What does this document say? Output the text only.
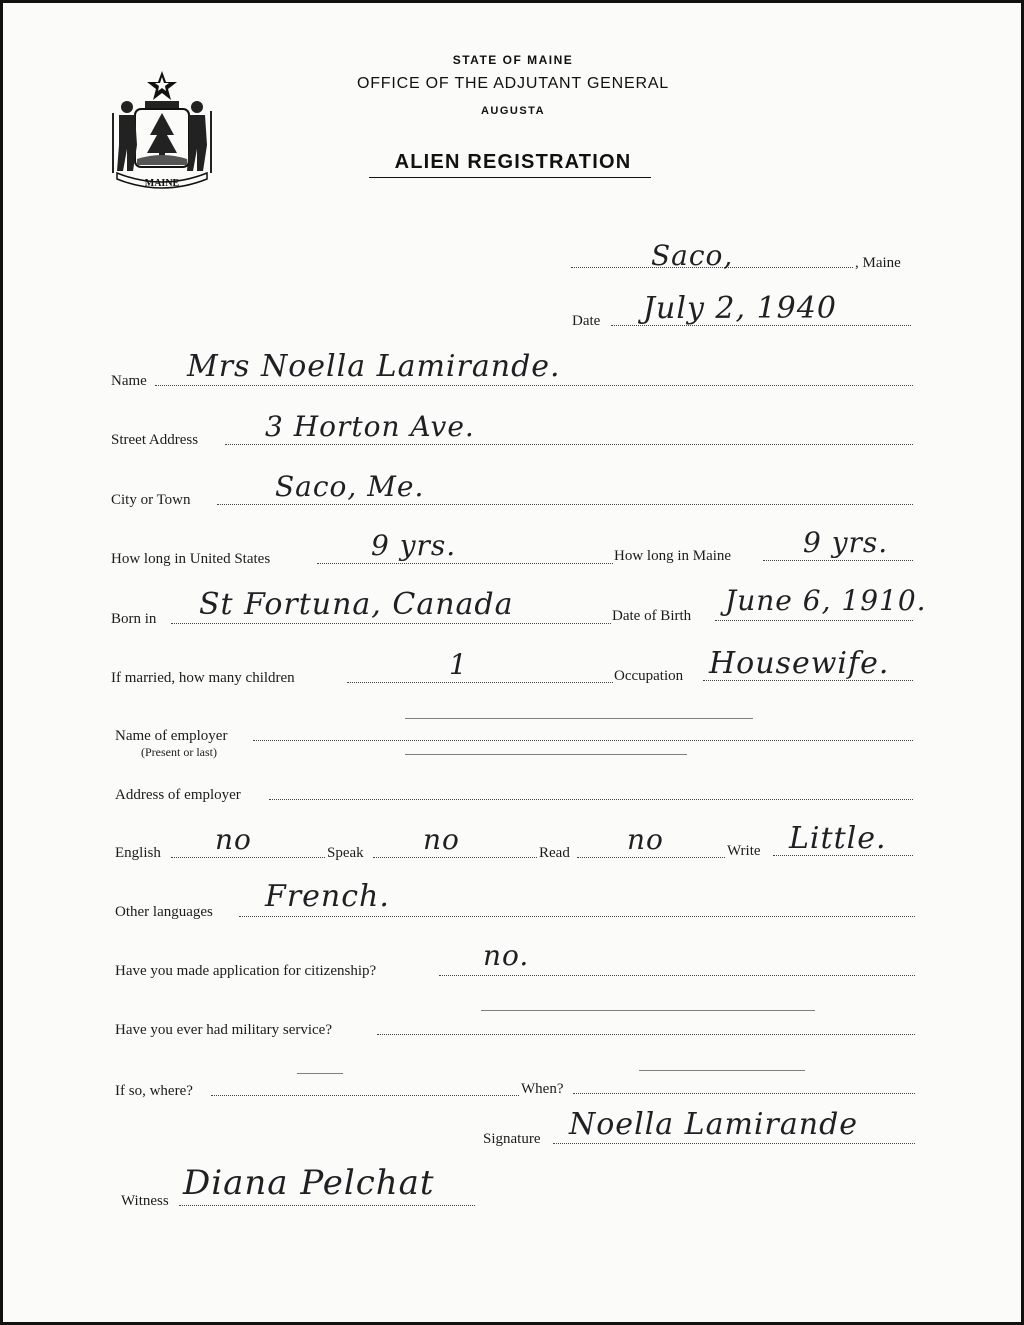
MAINE
STATE OF MAINE
OFFICE OF THE ADJUTANT GENERAL
AUGUSTA
ALIEN REGISTRATION
Saco,	, Maine
Date July 2, 1940
Name Mrs Noella Lamirande.
Street Address 3 Horton Ave.
City or Town	Saco, Me.
How long in United States	9 yrs.	How long in Maine	9 yrs.
Born in St Fortuna, Canada	Date of Birth June 6, 1910.
If married, how many children	1	Occupation Housewife.
Name of employer
(Present or last)
Address of employer
English no	Speak no	Read no	Write Little.
Other languages French.
Have you made application for citizenship?	no.
Have you ever had military service?
If so, where?	When?
Signature Noella Lamirande
Witness Diana Pelchat
